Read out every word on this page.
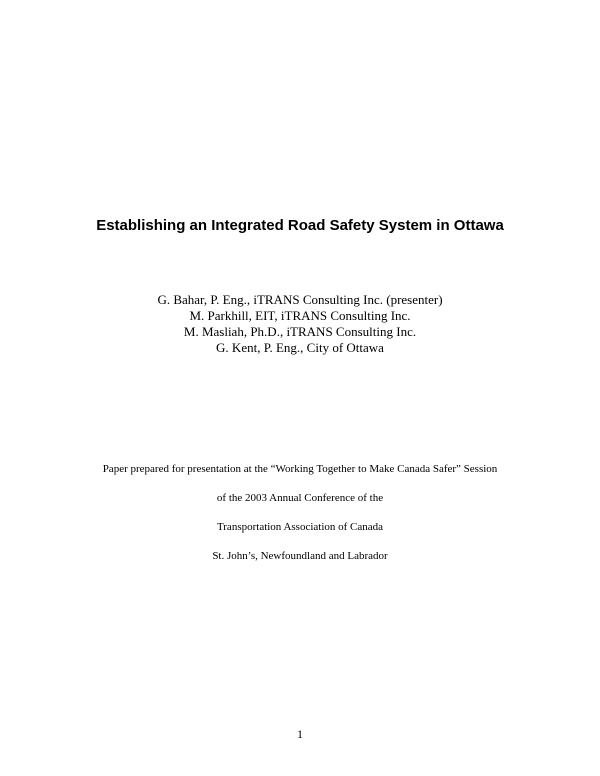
Establishing an Integrated Road Safety System in Ottawa
G. Bahar, P. Eng., iTRANS Consulting Inc. (presenter)
M. Parkhill, EIT, iTRANS Consulting Inc.
M. Masliah, Ph.D., iTRANS Consulting Inc.
G. Kent, P. Eng., City of Ottawa
Paper prepared for presentation at the “Working Together to Make Canada Safer” Session
of the 2003 Annual Conference of the
Transportation Association of Canada
St. John’s, Newfoundland and Labrador
1
